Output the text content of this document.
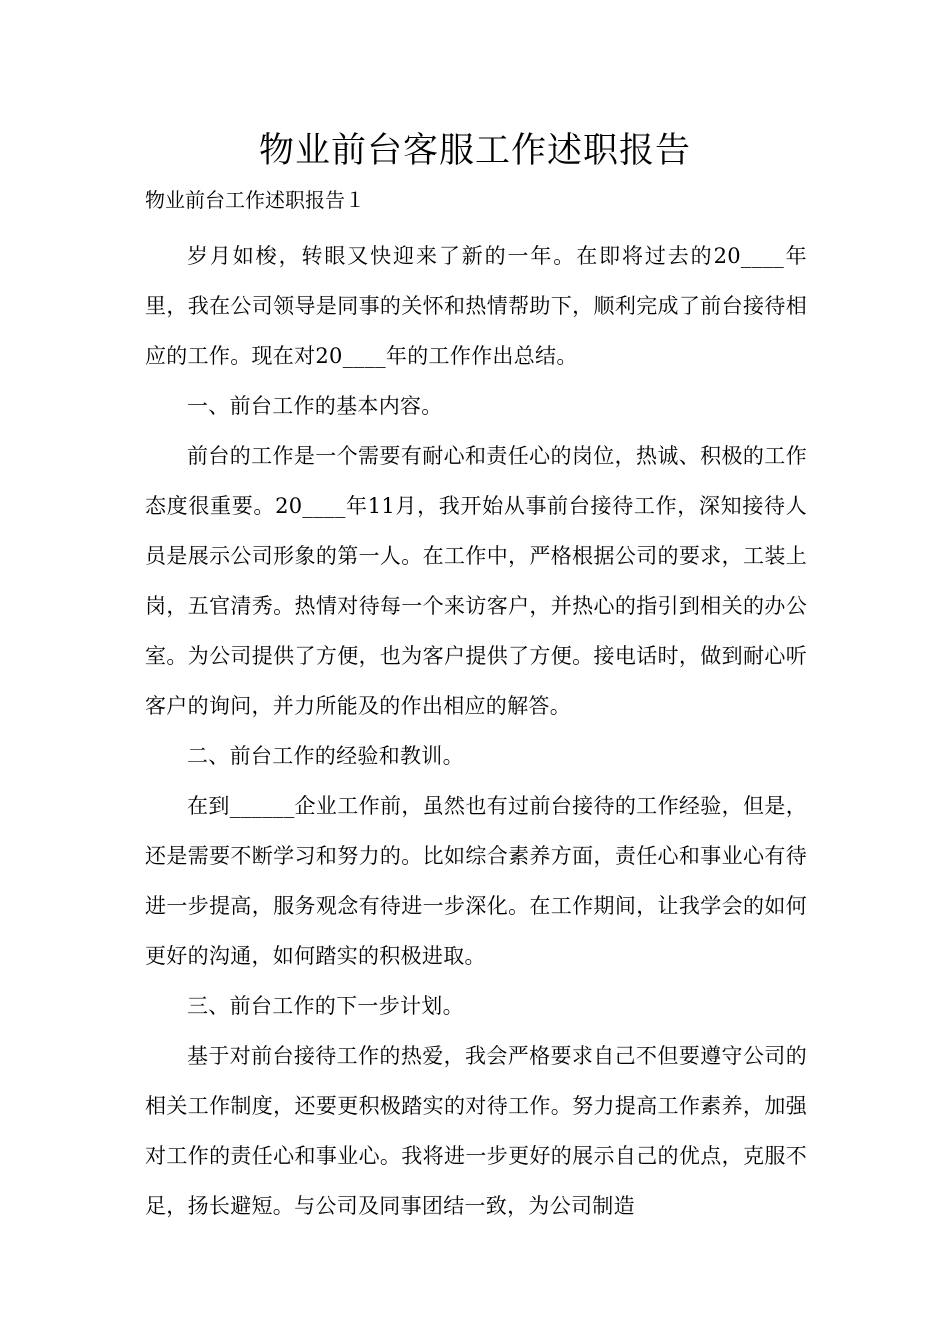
物业前台客服工作述职报告
物业前台工作述职报告１

岁月如梭，转眼又快迎来了新的一年。在即将过去的20____年里，我在公司领导是同事的关怀和热情帮助下，顺利完成了前台接待相应的工作。现在对20____年的工作作出总结。

一、前台工作的基本内容。

前台的工作是一个需要有耐心和责任心的岗位，热诚、积极的工作态度很重要。20____年11月，我开始从事前台接待工作，深知接待人员是展示公司形象的第一人。在工作中，严格根据公司的要求，工装上岗，五官清秀。热情对待每一个来访客户，并热心的指引到相关的办公室。为公司提供了方便，也为客户提供了方便。接电话时，做到耐心听客户的询问，并力所能及的作出相应的解答。

二、前台工作的经验和教训。

在到______企业工作前，虽然也有过前台接待的工作经验，但是，还是需要不断学习和努力的。比如综合素养方面，责任心和事业心有待进一步提高，服务观念有待进一步深化。在工作期间，让我学会的如何更好的沟通，如何踏实的积极进取。

三、前台工作的下一步计划。

基于对前台接待工作的热爱，我会严格要求自己不但要遵守公司的相关工作制度，还要更积极踏实的对待工作。努力提高工作素养，加强对工作的责任心和事业心。我将进一步更好的展示自己的优点，克服不足，扬长避短。与公司及同事团结一致，为公司制造
